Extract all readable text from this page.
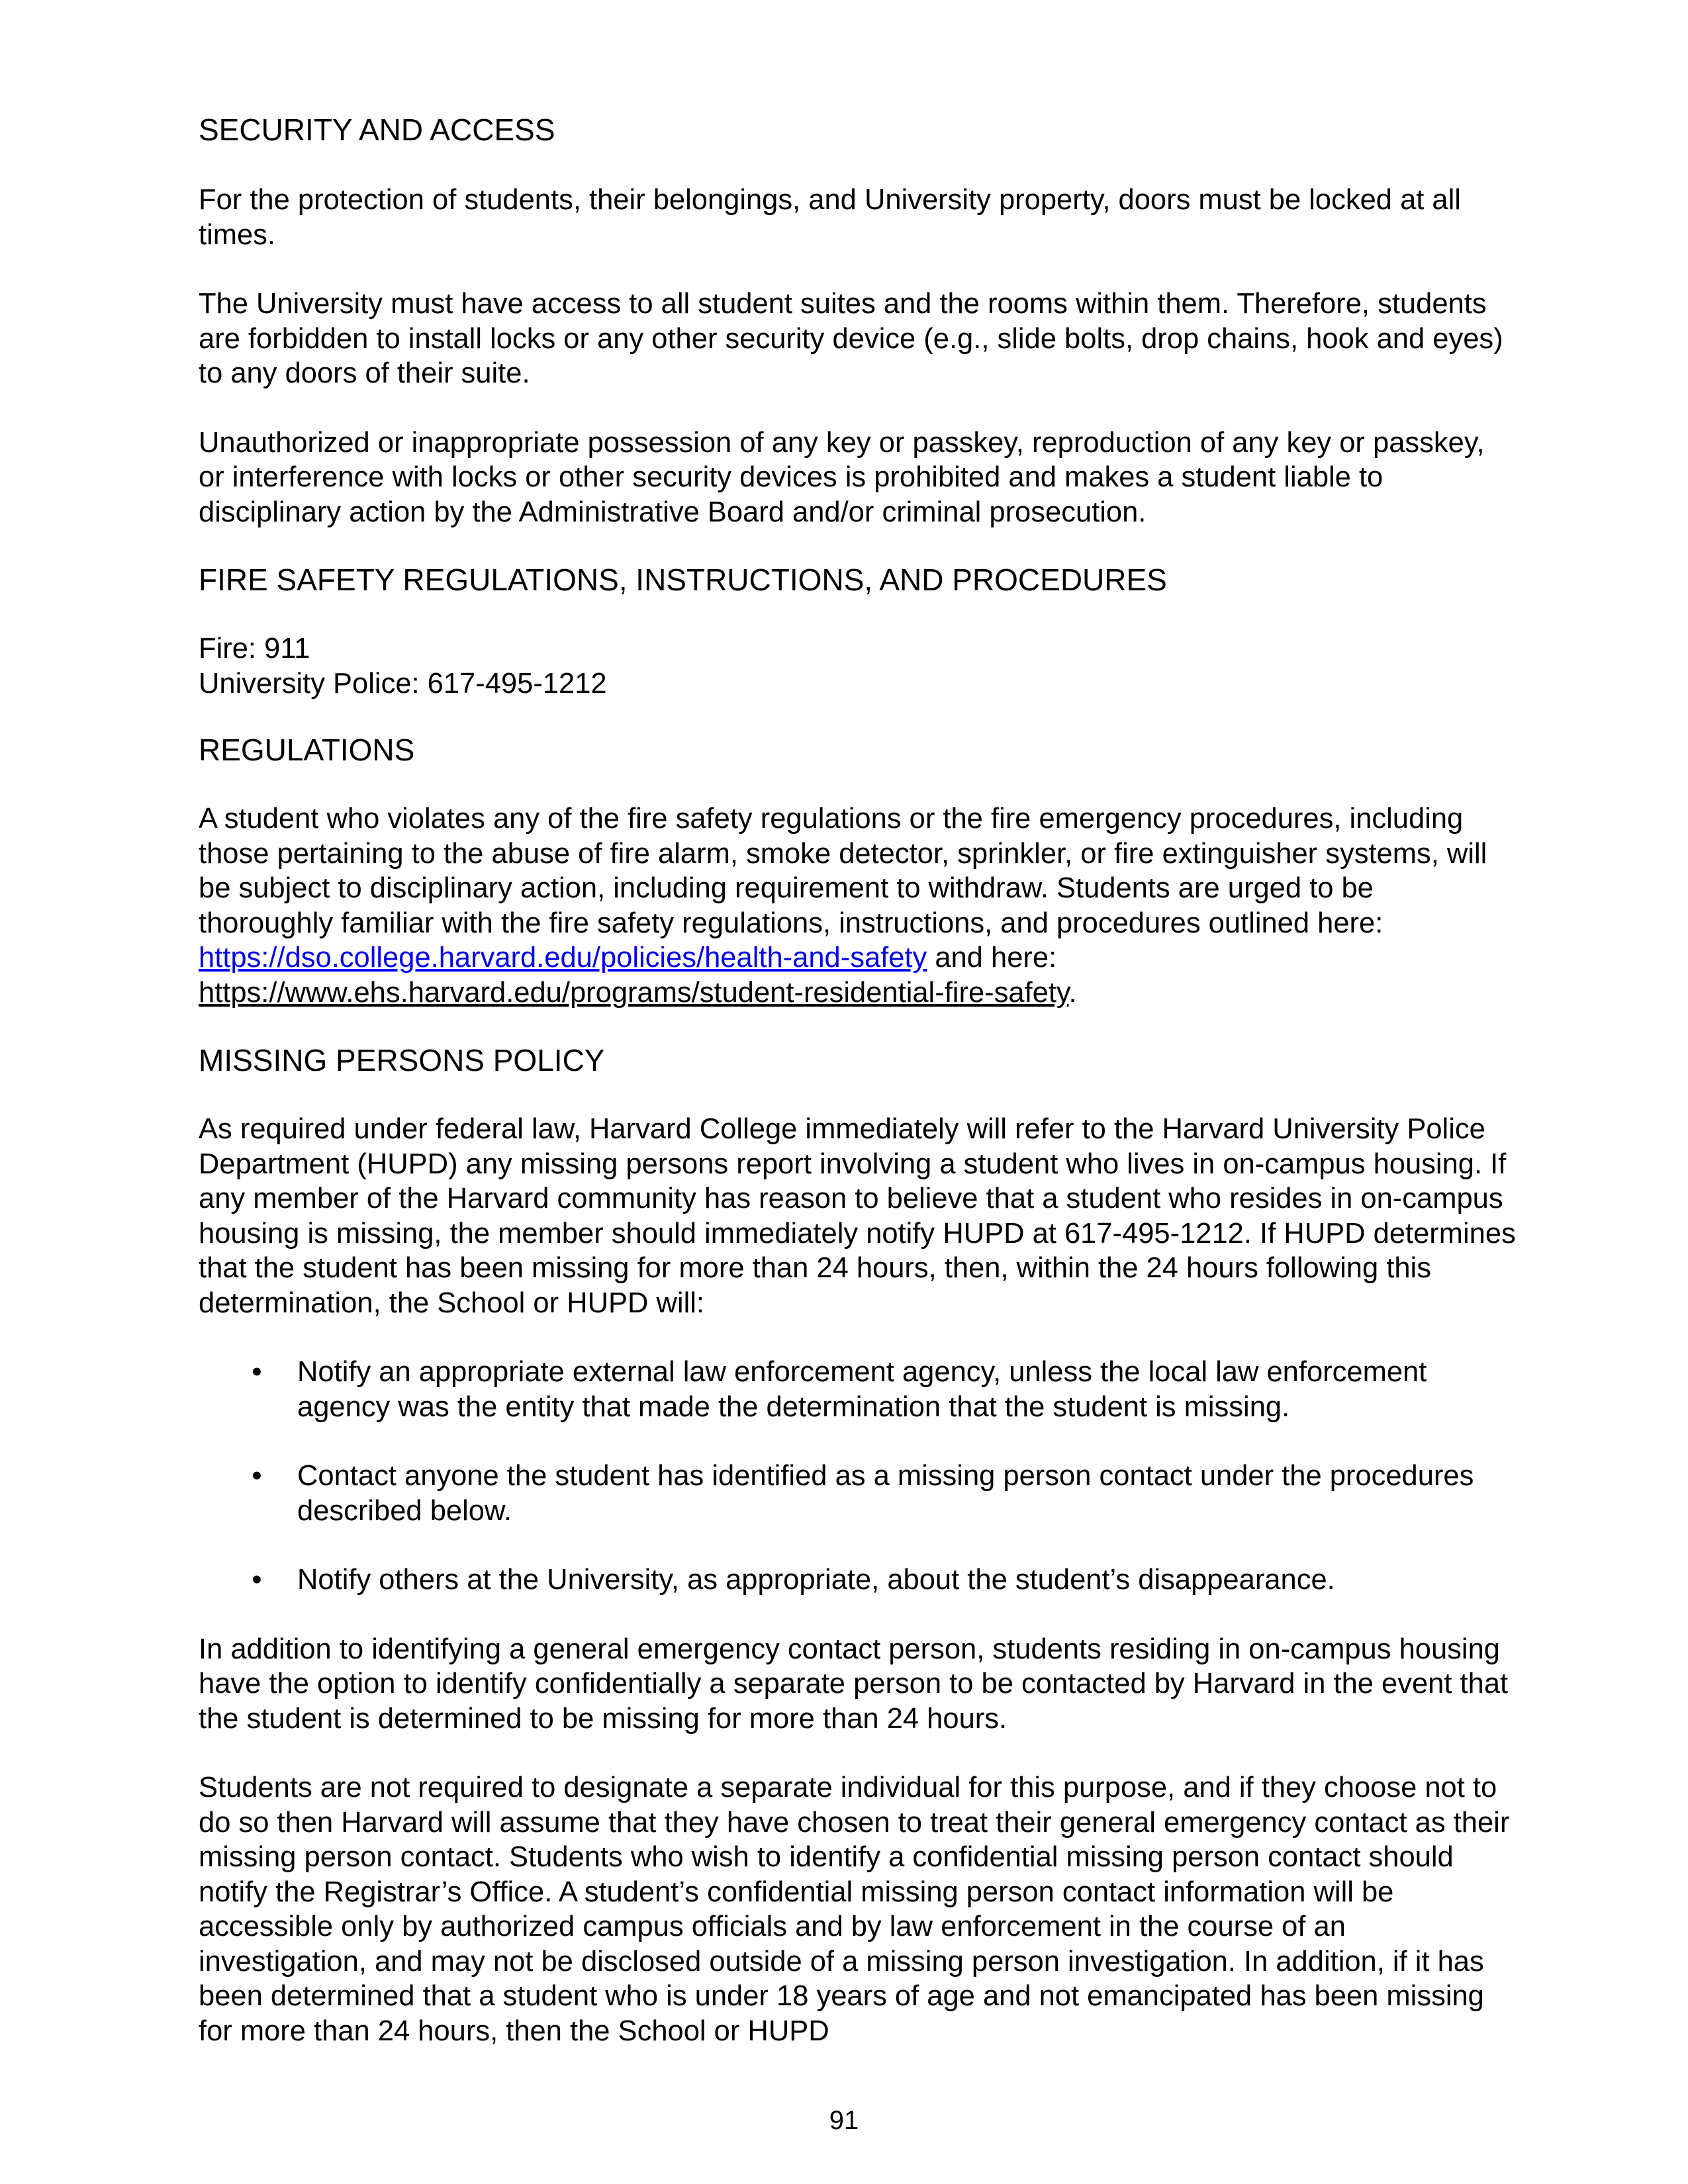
SECURITY AND ACCESS

For the protection of students, their belongings, and University property, doors must be locked at all times.

The University must have access to all student suites and the rooms within them. Therefore, students are forbidden to install locks or any other security device (e.g., slide bolts, drop chains, hook and eyes) to any doors of their suite.

Unauthorized or inappropriate possession of any key or passkey, reproduction of any key or passkey, or interference with locks or other security devices is prohibited and makes a student liable to disciplinary action by the Administrative Board and/or criminal prosecution.

FIRE SAFETY REGULATIONS, INSTRUCTIONS, AND PROCEDURES

Fire: 911

University Police: 617-495-1212

REGULATIONS

A student who violates any of the fire safety regulations or the fire emergency procedures, including those pertaining to the abuse of fire alarm, smoke detector, sprinkler, or fire extinguisher systems, will be subject to disciplinary action, including requirement to withdraw. Students are urged to be thoroughly familiar with the fire safety regulations, instructions, and procedures outlined here: https://dso.college.harvard.edu/policies/health-and-safety and here: https://www.ehs.harvard.edu/programs/student-residential-fire-safety.

MISSING PERSONS POLICY

As required under federal law, Harvard College immediately will refer to the Harvard University Police Department (HUPD) any missing persons report involving a student who lives in on-campus housing. If any member of the Harvard community has reason to believe that a student who resides in on-campus housing is missing, the member should immediately notify HUPD at 617-495-1212. If HUPD determines that the student has been missing for more than 24 hours, then, within the 24 hours following this determination, the School or HUPD will:

• Notify an appropriate external law enforcement agency, unless the local law enforcement agency was the entity that made the determination that the student is missing.
• Contact anyone the student has identified as a missing person contact under the procedures described below.
• Notify others at the University, as appropriate, about the student’s disappearance.

In addition to identifying a general emergency contact person, students residing in on-campus housing have the option to identify confidentially a separate person to be contacted by Harvard in the event that the student is determined to be missing for more than 24 hours.

Students are not required to designate a separate individual for this purpose, and if they choose not to do so then Harvard will assume that they have chosen to treat their general emergency contact as their missing person contact. Students who wish to identify a confidential missing person contact should notify the Registrar’s Office. A student’s confidential missing person contact information will be accessible only by authorized campus officials and by law enforcement in the course of an investigation, and may not be disclosed outside of a missing person investigation. In addition, if it has been determined that a student who is under 18 years of age and not emancipated has been missing for more than 24 hours, then the School or HUPD

91
